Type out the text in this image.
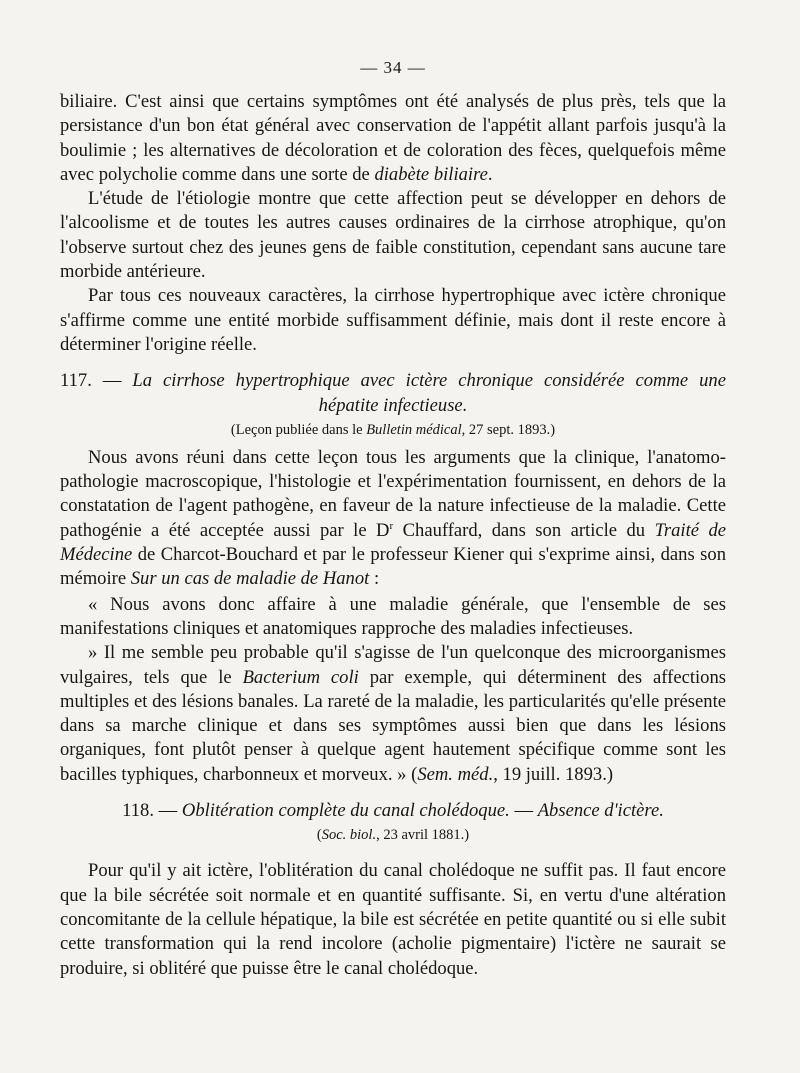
— 34 —

biliaire. C'est ainsi que certains symptômes ont été analysés de plus près, tels que la persistance d'un bon état général avec conservation de l'appétit allant parfois jusqu'à la boulimie ; les alternatives de décoloration et de coloration des fèces, quelquefois même avec polycholie comme dans une sorte de diabète biliaire.

L'étude de l'étiologie montre que cette affection peut se développer en dehors de l'alcoolisme et de toutes les autres causes ordinaires de la cirrhose atrophique, qu'on l'observe surtout chez des jeunes gens de faible constitution, cependant sans aucune tare morbide antérieure.

Par tous ces nouveaux caractères, la cirrhose hypertrophique avec ictère chronique s'affirme comme une entité morbide suffisamment définie, mais dont il reste encore à déterminer l'origine réelle.

117. — La cirrhose hypertrophique avec ictère chronique considérée comme une
hépatite infectieuse.
(Leçon publiée dans le Bulletin médical, 27 sept. 1893.)

Nous avons réuni dans cette leçon tous les arguments que la clinique, l'anatomo-pathologie macroscopique, l'histologie et l'expérimentation fournissent, en dehors de la constatation de l'agent pathogène, en faveur de la nature infectieuse de la maladie. Cette pathogénie a été acceptée aussi par le $D^r$ Chauffard, dans son article du Traité de Médecine de Charcot-Bouchard et par le professeur Kiener qui s'exprime ainsi, dans son mémoire Sur un cas de maladie de Hanot :

« Nous avons donc affaire à une maladie générale, que l'ensemble de ses manifestations cliniques et anatomiques rapproche des maladies infectieuses.

» Il me semble peu probable qu'il s'agisse de l'un quelconque des microorganismes vulgaires, tels que le Bacterium coli par exemple, qui déterminent des affections multiples et des lésions banales. La rareté de la maladie, les particularités qu'elle présente dans sa marche clinique et dans ses symptômes aussi bien que dans les lésions organiques, font plutôt penser à quelque agent hautement spécifique comme sont les bacilles typhiques, charbonneux et morveux. » (Sem. méd., 19 juill. 1893.)

118. — Oblitération complète du canal cholédoque. — Absence d'ictère.
(Soc. biol., 23 avril 1881.)

Pour qu'il y ait ictère, l'oblitération du canal cholédoque ne suffit pas. Il faut encore que la bile sécrétée soit normale et en quantité suffisante. Si, en vertu d'une altération concomitante de la cellule hépatique, la bile est sécrétée en petite quantité ou si elle subit cette transformation qui la rend incolore (acholie pigmentaire) l'ictère ne saurait se produire, si oblitéré que puisse être le canal cholédoque.
